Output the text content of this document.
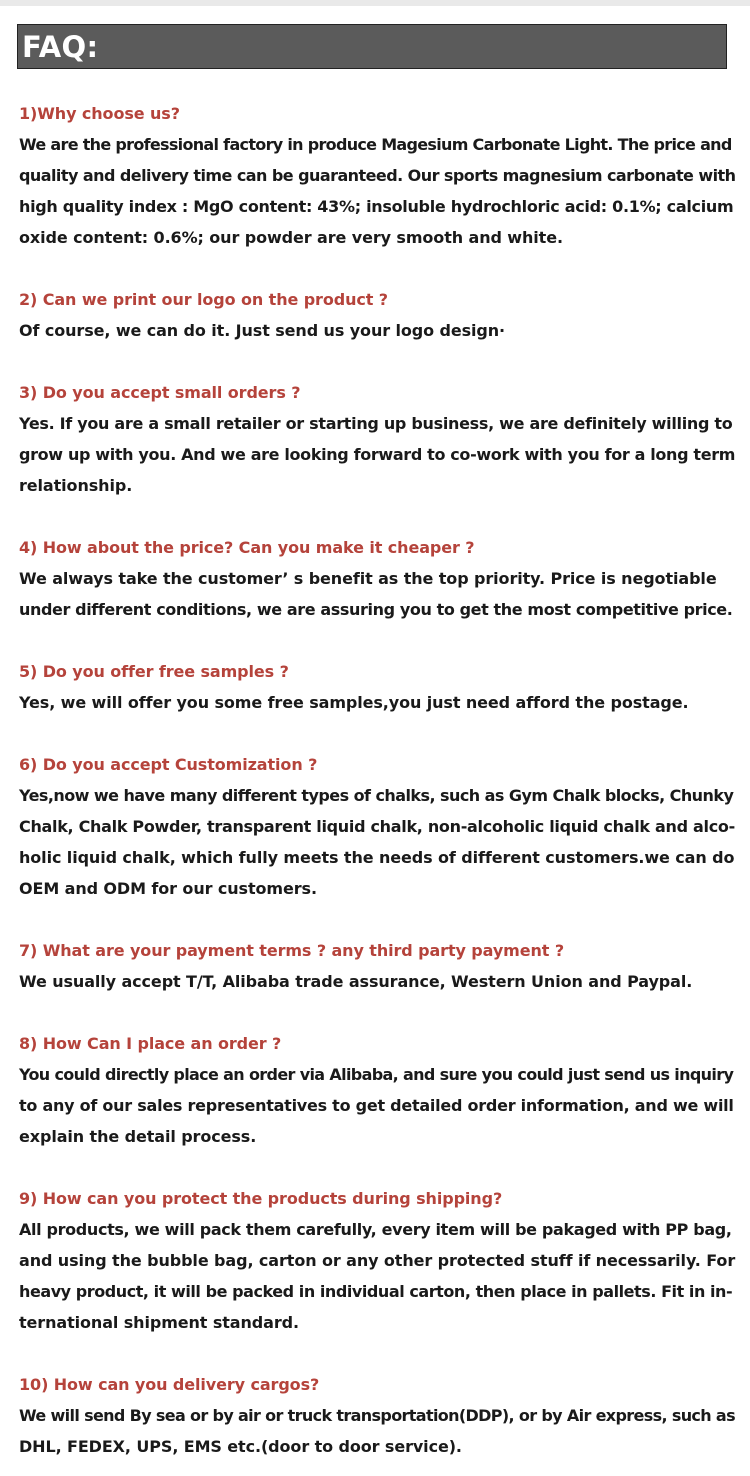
FAQ:
1)Why choose us?
We are the professional factory in produce Magesium Carbonate Light. The price and
quality and delivery time can be guaranteed. Our sports magnesium carbonate with
high quality index : MgO content: 43%; insoluble hydrochloric acid: 0.1%; calcium
oxide content: 0.6%; our powder are very smooth and white.
2) Can we print our logo on the product ?
Of course, we can do it. Just send us your logo design·
3) Do you accept small orders ?
Yes. If you are a small retailer or starting up business, we are definitely willing to
grow up with you. And we are looking forward to co-work with you for a long term
relationship.
4) How about the price? Can you make it cheaper ?
We always take the customer’ s benefit as the top priority. Price is negotiable
under different conditions, we are assuring you to get the most competitive price.
5) Do you offer free samples ?
Yes, we will offer you some free samples,you just need afford the postage.
6) Do you accept Customization ?
Yes,now we have many different types of chalks, such as Gym Chalk blocks, Chunky
Chalk, Chalk Powder, transparent liquid chalk, non-alcoholic liquid chalk and alco-
holic liquid chalk, which fully meets the needs of different customers.we can do
OEM and ODM for our customers.
7) What are your payment terms ? any third party payment ?
We usually accept T/T, Alibaba trade assurance, Western Union and Paypal.
8) How Can I place an order ?
You could directly place an order via Alibaba, and sure you could just send us inquiry
to any of our sales representatives to get detailed order information, and we will
explain the detail process.
9) How can you protect the products during shipping?
All products, we will pack them carefully, every item will be pakaged with PP bag,
and using the bubble bag, carton or any other protected stuff if necessarily. For
heavy product, it will be packed in individual carton, then place in pallets. Fit in in-
ternational shipment standard.
10) How can you delivery cargos?
We will send By sea or by air or truck transportation(DDP), or by Air express, such as
DHL, FEDEX, UPS, EMS etc.(door to door service).
